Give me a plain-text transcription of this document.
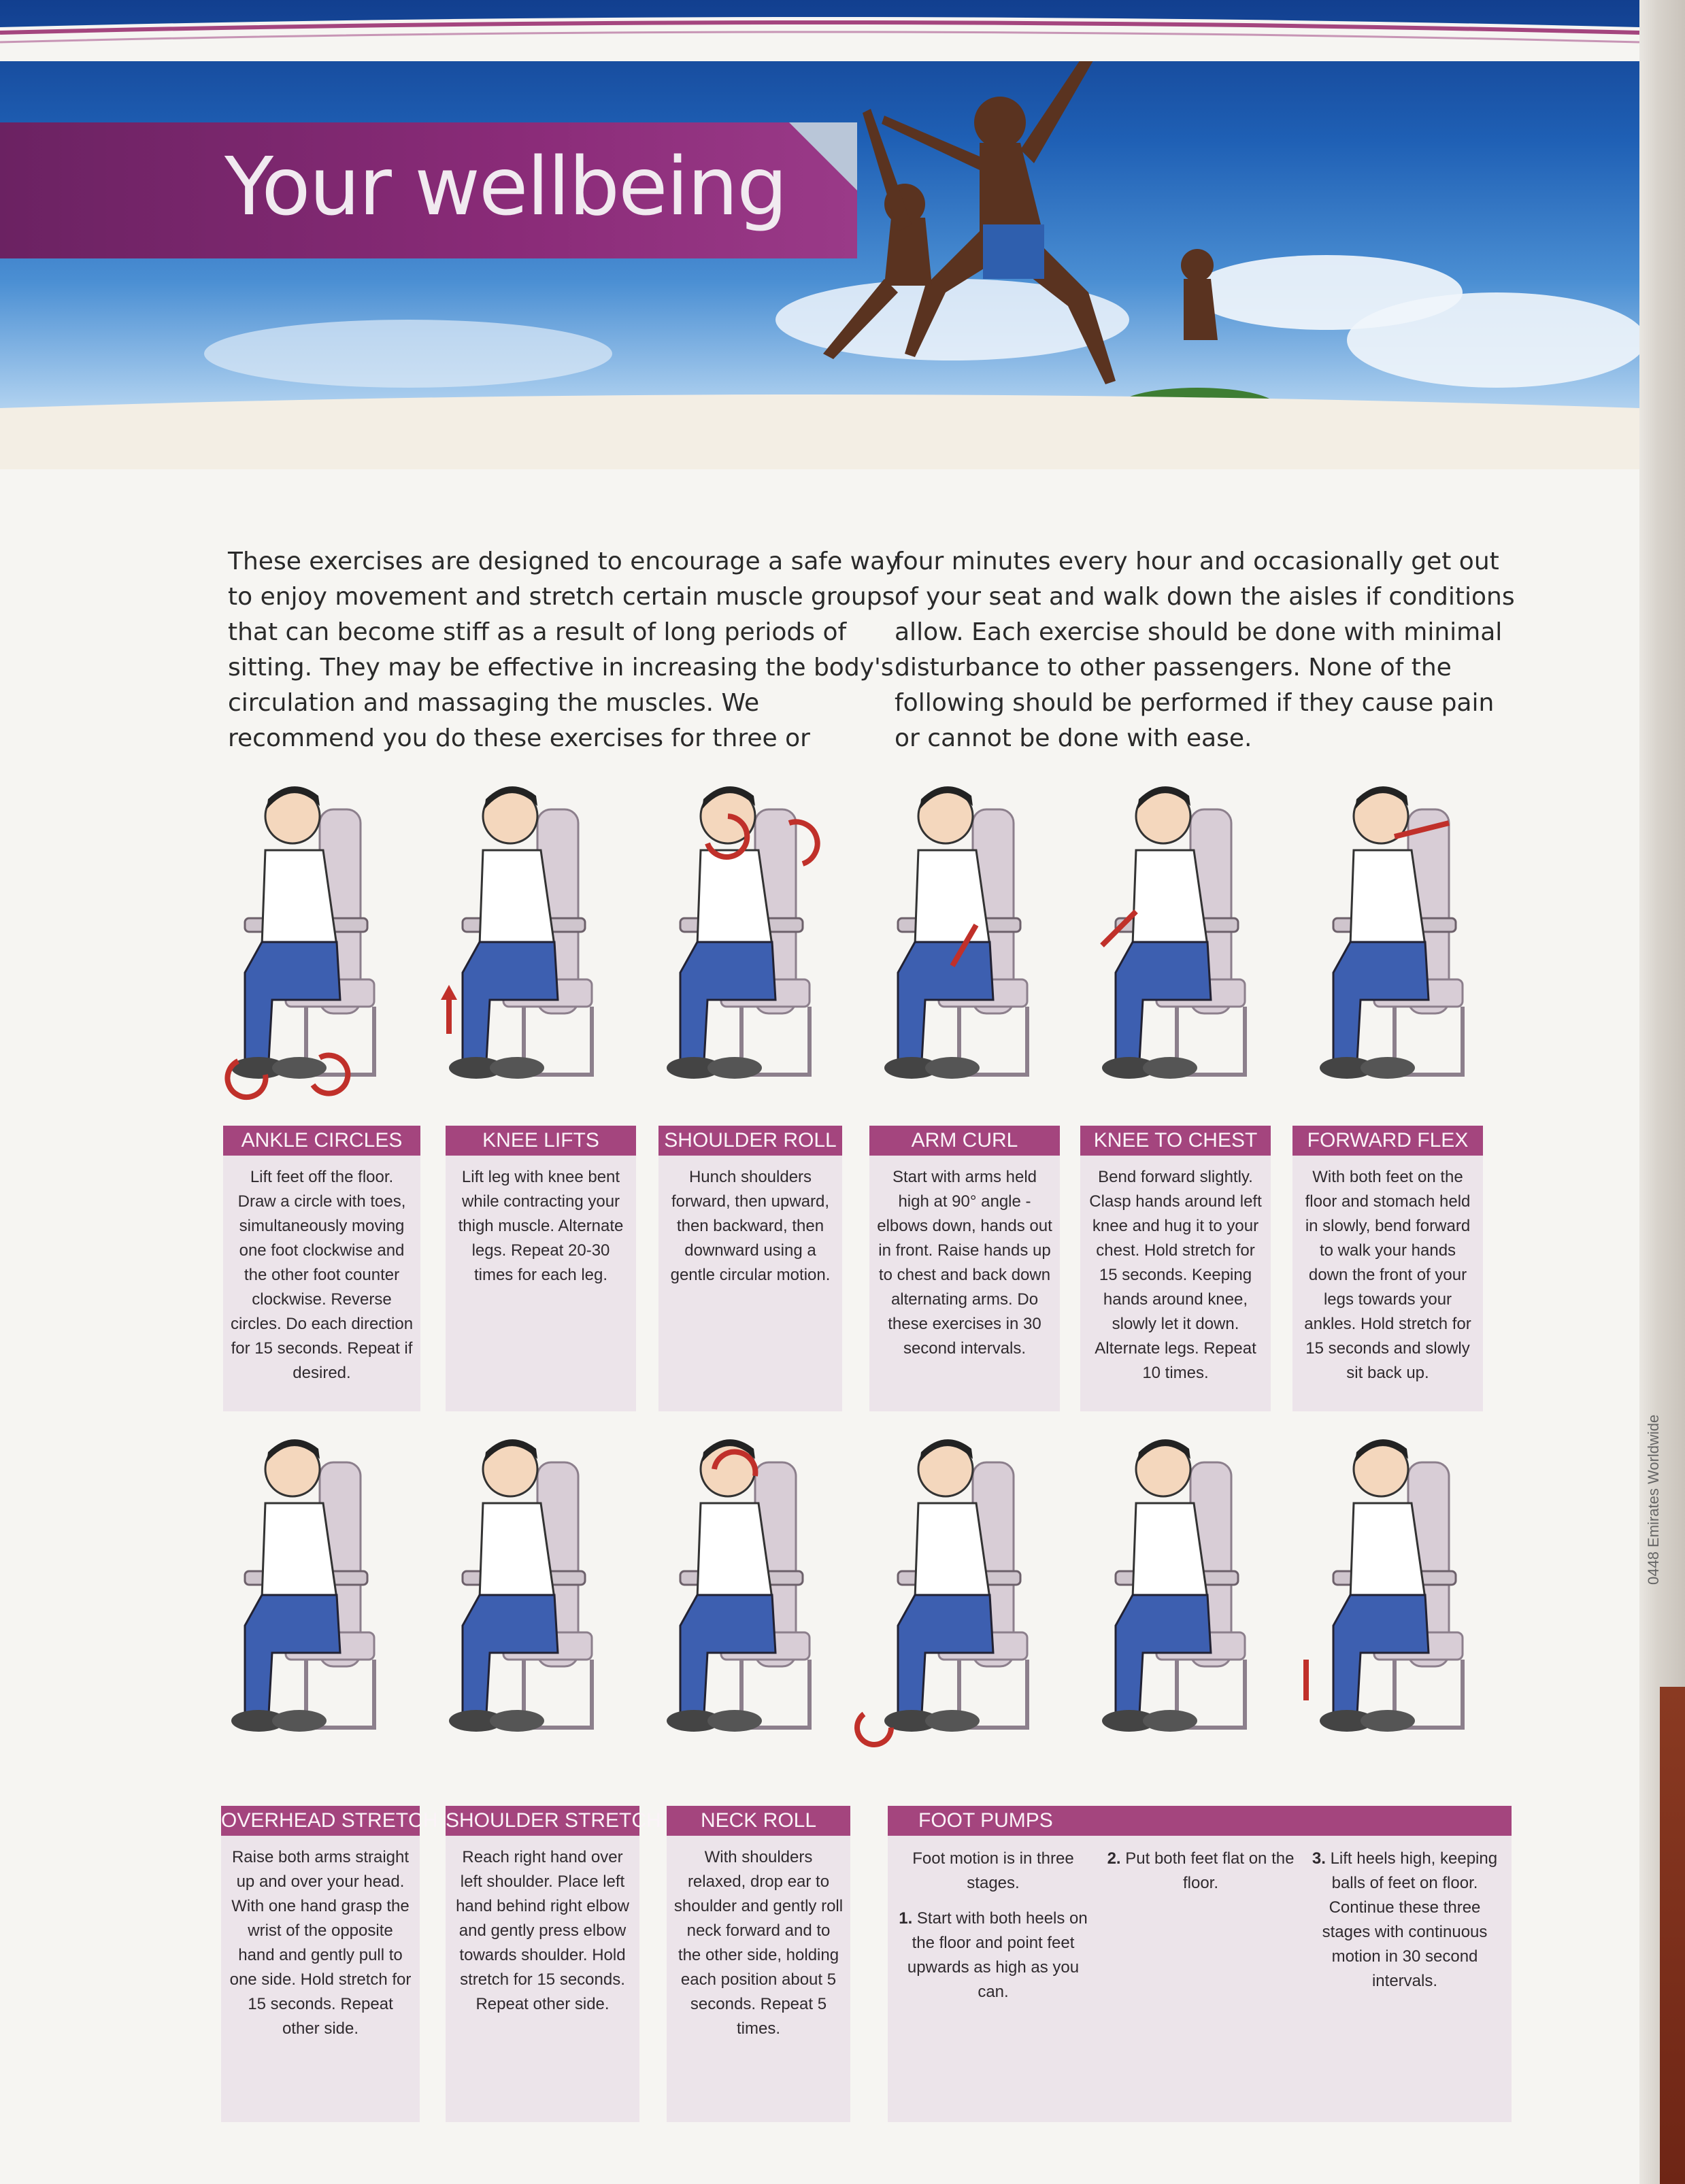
Your wellbeing
These exercises are designed to encourage a safe way to enjoy movement and stretch certain muscle groups that can become stiff as a result of long periods of sitting. They may be effective in increasing the body's circulation and massaging the muscles. We recommend you do these exercises for three or
four minutes every hour and occasionally get out of your seat and walk down the aisles if conditions allow. Each exercise should be done with minimal disturbance to other passengers. None of the following should be performed if they cause pain or cannot be done with ease.
ANKLE CIRCLES
Lift feet off the floor. Draw a circle with toes, simultaneously moving one foot clockwise and the other foot counter clockwise. Reverse circles. Do each direction for 15 seconds. Repeat if desired.
KNEE LIFTS
Lift leg with knee bent while contracting your thigh muscle. Alternate legs. Repeat 20-30 times for each leg.
SHOULDER ROLL
Hunch shoulders forward, then upward, then backward, then downward using a gentle circular motion.
ARM CURL
Start with arms held high at 90° angle - elbows down, hands out in front. Raise hands up to chest and back down alternating arms. Do these exercises in 30 second intervals.
KNEE TO CHEST
Bend forward slightly. Clasp hands around left knee and hug it to your chest. Hold stretch for 15 seconds. Keeping hands around knee, slowly let it down. Alternate legs. Repeat 10 times.
FORWARD FLEX
With both feet on the floor and stomach held in slowly, bend forward to walk your hands down the front of your legs towards your ankles. Hold stretch for 15 seconds and slowly sit back up.
OVERHEAD STRETCH
Raise both arms straight up and over your head. With one hand grasp the wrist of the opposite hand and gently pull to one side. Hold stretch for 15 seconds. Repeat other side.
SHOULDER STRETCH
Reach right hand over left shoulder. Place left hand behind right elbow and gently press elbow towards shoulder. Hold stretch for 15 seconds. Repeat other side.
NECK ROLL
With shoulders relaxed, drop ear to shoulder and gently roll neck forward and to the other side, holding each position about 5 seconds. Repeat 5 times.
FOOT PUMPS
Foot motion is in three stages.
1. Start with both heels on the floor and point feet upwards as high as you can.
2. Put both feet flat on the floor.
3. Lift heels high, keeping balls of feet on floor. Continue these three stages with continuous motion in 30 second intervals.
0448 Emirates Worldwide
